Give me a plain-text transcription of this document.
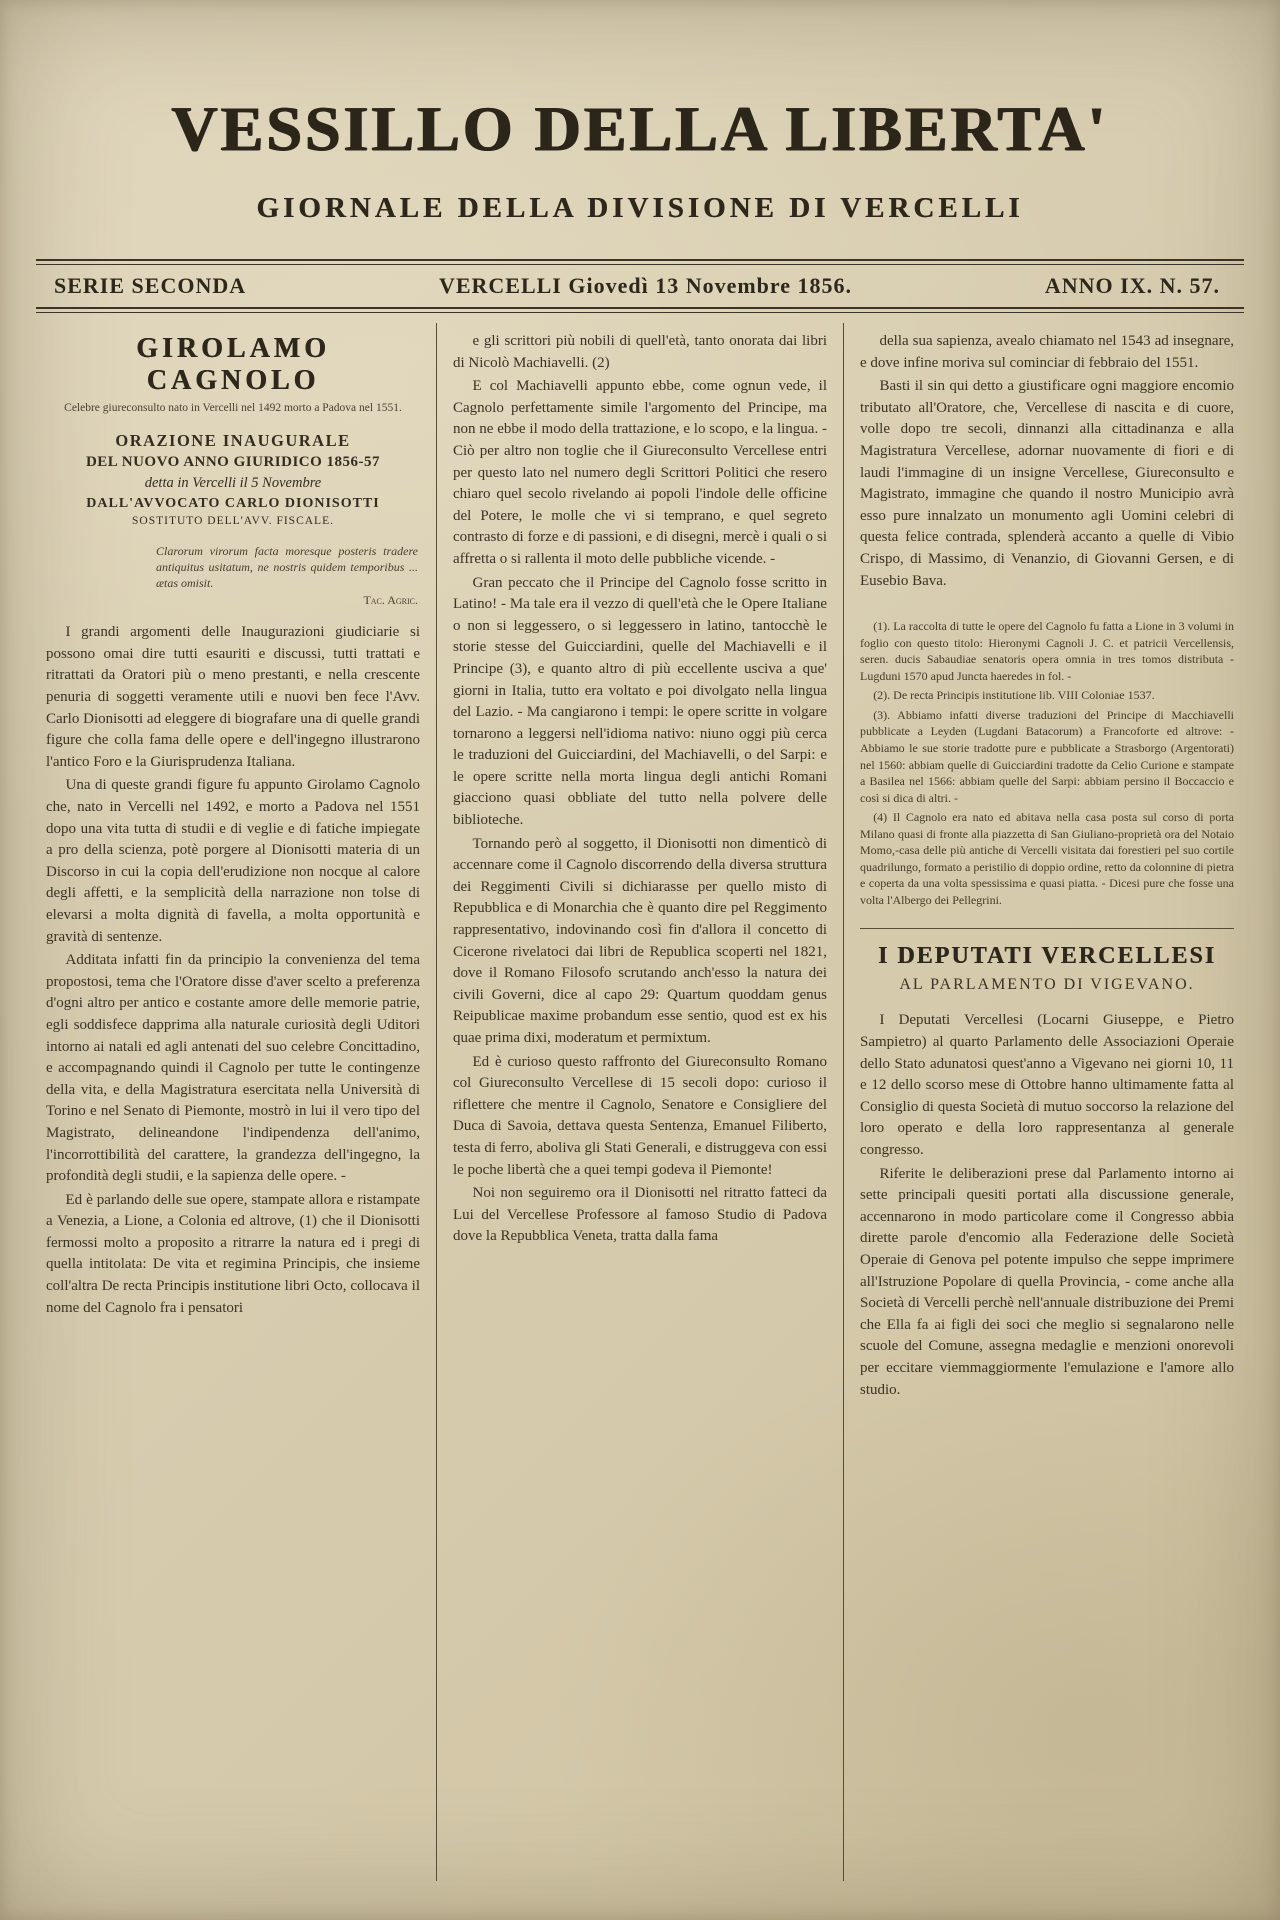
VESSILLO DELLA LIBERTA'
GIORNALE DELLA DIVISIONE DI VERCELLI
SERIE SECONDA	VERCELLI Giovedì 13 Novembre 1856.	ANNO IX. N. 57.
GIROLAMO CAGNOLO
Celebre giureconsulto nato in Vercelli nel 1492 morto a Padova nel 1551.
ORAZIONE INAUGURALE
DEL NUOVO ANNO GIURIDICO 1856-57
detta in Vercelli il 5 Novembre
DALL'AVVOCATO CARLO DIONISOTTI
SOSTITUTO DELL'AVV. FISCALE.
Clarorum virorum facta moresque posteris tradere antiquitus usitatum, ne nostris quidem temporibus ... ætas omisit.
Tac. Agric.

I grandi argomenti delle Inaugurazioni giudiciarie si possono omai dire tutti esauriti e discussi, tutti trattati e ritrattati da Oratori più o meno prestanti, e nella crescente penuria di soggetti veramente utili e nuovi ben fece l'Avv. Carlo Dionisotti ad eleggere di biografare una di quelle grandi figure che colla fama delle opere e dell'ingegno illustrarono l'antico Foro e la Giurisprudenza Italiana.

Una di queste grandi figure fu appunto Girolamo Cagnolo che, nato in Vercelli nel 1492, e morto a Padova nel 1551 dopo una vita tutta di studii e di veglie e di fatiche impiegate a pro della scienza, potè porgere al Dionisotti materia di un Discorso in cui la copia dell'erudizione non nocque al calore degli affetti, e la semplicità della narrazione non tolse di elevarsi a molta dignità di favella, a molta opportunità e gravità di sentenze.

Additata infatti fin da principio la convenienza del tema propostosi, tema che l'Oratore disse d'aver scelto a preferenza d'ogni altro per antico e costante amore delle memorie patrie, egli soddisfece dapprima alla naturale curiosità degli Uditori intorno ai natali ed agli antenati del suo celebre Concittadino, e accompagnando quindi il Cagnolo per tutte le contingenze della vita, e della Magistratura esercitata nella Università di Torino e nel Senato di Piemonte, mostrò in lui il vero tipo del Magistrato, delineandone l'indipendenza dell'animo, l'incorrottibilità del carattere, la grandezza dell'ingegno, la profondità degli studii, e la sapienza delle opere. -

Ed è parlando delle sue opere, stampate allora e ristampate a Venezia, a Lione, a Colonia ed altrove, (1) che il Dionisotti fermossi molto a proposito a ritrarre la natura ed i pregi di quella intitolata: De vita et regimina Principis, che insieme coll'altra De recta Principis institutione libri Octo, collocava il nome del Cagnolo fra i pensatori

e gli scrittori più nobili di quell'età, tanto onorata dai libri di Nicolò Machiavelli. (2)

E col Machiavelli appunto ebbe, come ognun vede, il Cagnolo perfettamente simile l'argomento del Principe, ma non ne ebbe il modo della trattazione, e lo scopo, e la lingua. - Ciò per altro non toglie che il Giureconsulto Vercellese entri per questo lato nel numero degli Scrittori Politici che resero chiaro quel secolo rivelando ai popoli l'indole delle officine del Potere, le molle che vi si temprano, e quel segreto contrasto di forze e di passioni, e di disegni, mercè i quali o si affretta o si rallenta il moto delle pubbliche vicende. -

Gran peccato che il Principe del Cagnolo fosse scritto in Latino! - Ma tale era il vezzo di quell'età che le Opere Italiane o non si leggessero, o si leggessero in latino, tantocchè le storie stesse del Guicciardini, quelle del Machiavelli e il Principe (3), e quanto altro di più eccellente usciva a que' giorni in Italia, tutto era voltato e poi divolgato nella lingua del Lazio. - Ma cangiarono i tempi: le opere scritte in volgare tornarono a leggersi nell'idioma nativo: niuno oggi più cerca le traduzioni del Guicciardini, del Machiavelli, o del Sarpi: e le opere scritte nella morta lingua degli antichi Romani giacciono quasi obbliate del tutto nella polvere delle biblioteche.

Tornando però al soggetto, il Dionisotti non dimenticò di accennare come il Cagnolo discorrendo della diversa struttura dei Reggimenti Civili si dichiarasse per quello misto di Repubblica e di Monarchia che è quanto dire pel Reggimento rappresentativo, indovinando così fin d'allora il concetto di Cicerone rivelatoci dai libri de Republica scoperti nel 1821, dove il Romano Filosofo scrutando anch'esso la natura dei civili Governi, dice al capo 29: Quartum quoddam genus Reipublicae maxime probandum esse sentio, quod est ex his quae prima dixi, moderatum et permixtum.

Ed è curioso questo raffronto del Giureconsulto Romano col Giureconsulto Vercellese di 15 secoli dopo: curioso il riflettere che mentre il Cagnolo, Senatore e Consigliere del Duca di Savoia, dettava questa Sentenza, Emanuel Filiberto, testa di ferro, aboliva gli Stati Generali, e distruggeva con essi le poche libertà che a quei tempi godeva il Piemonte!

Noi non seguiremo ora il Dionisotti nel ritratto fatteci da Lui del Vercellese Professore al famoso Studio di Padova dove la Repubblica Veneta, tratta dalla fama

della sua sapienza, avealo chiamato nel 1543 ad insegnare, e dove infine moriva sul cominciar di febbraio del 1551.

Basti il sin qui detto a giustificare ogni maggiore encomio tributato all'Oratore, che, Vercellese di nascita e di cuore, volle dopo tre secoli, dinnanzi alla cittadinanza e alla Magistratura Vercellese, adornar nuovamente di fiori e di laudi l'immagine di un insigne Vercellese, Giureconsulto e Magistrato, immagine che quando il nostro Municipio avrà esso pure innalzato un monumento agli Uomini celebri di questa felice contrada, splenderà accanto a quelle di Vibio Crispo, di Massimo, di Venanzio, di Giovanni Gersen, e di Eusebio Bava.

(1). La raccolta di tutte le opere del Cagnolo fu fatta a Lione in 3 volumi in foglio con questo titolo: Hieronymi Cagnoli J. C. et patricii Vercellensis, seren. ducis Sabaudiae senatoris opera omnia in tres tomos distributa - Lugduni 1570 apud Juncta haeredes in fol. -

(2). De recta Principis institutione lib. VIII Coloniae 1537.

(3). Abbiamo infatti diverse traduzioni del Principe di Macchiavelli pubblicate a Leyden (Lugdani Batacorum) a Francoforte ed altrove: - Abbiamo le sue storie tradotte pure e pubblicate a Strasborgo (Argentorati) nel 1560: abbiam quelle di Guicciardini tradotte da Celio Curione e stampate a Basilea nel 1566: abbiam quelle del Sarpi: abbiam persino il Boccaccio e così si dica di altri. -

(4) Il Cagnolo era nato ed abitava nella casa posta sul corso di porta Milano quasi di fronte alla piazzetta di San Giuliano-proprietà ora del Notaio Momo,-casa delle più antiche di Vercelli visitata dai forestieri pel suo cortile quadrilungo, formato a peristilio di doppio ordine, retto da colonnine di pietra e coperta da una volta spessissima e quasi piatta. - Dicesi pure che fosse una volta l'Albergo dei Pellegrini.

I DEPUTATI VERCELLESI
AL PARLAMENTO DI VIGEVANO.

I Deputati Vercellesi (Locarni Giuseppe, e Pietro Sampietro) al quarto Parlamento delle Associazioni Operaie dello Stato adunatosi quest'anno a Vigevano nei giorni 10, 11 e 12 dello scorso mese di Ottobre hanno ultimamente fatta al Consiglio di questa Società di mutuo soccorso la relazione del loro operato e della loro rappresentanza al generale congresso.

Riferite le deliberazioni prese dal Parlamento intorno ai sette principali quesiti portati alla discussione generale, accennarono in modo particolare come il Congresso abbia dirette parole d'encomio alla Federazione delle Società Operaie di Genova pel potente impulso che seppe imprimere all'Istruzione Popolare di quella Provincia, - come anche alla Società di Vercelli perchè nell'annuale distribuzione dei Premi che Ella fa ai figli dei soci che meglio si segnalarono nelle scuole del Comune, assegna medaglie e menzioni onorevoli per eccitare viemmaggiormente l'emulazione e l'amore allo studio.
